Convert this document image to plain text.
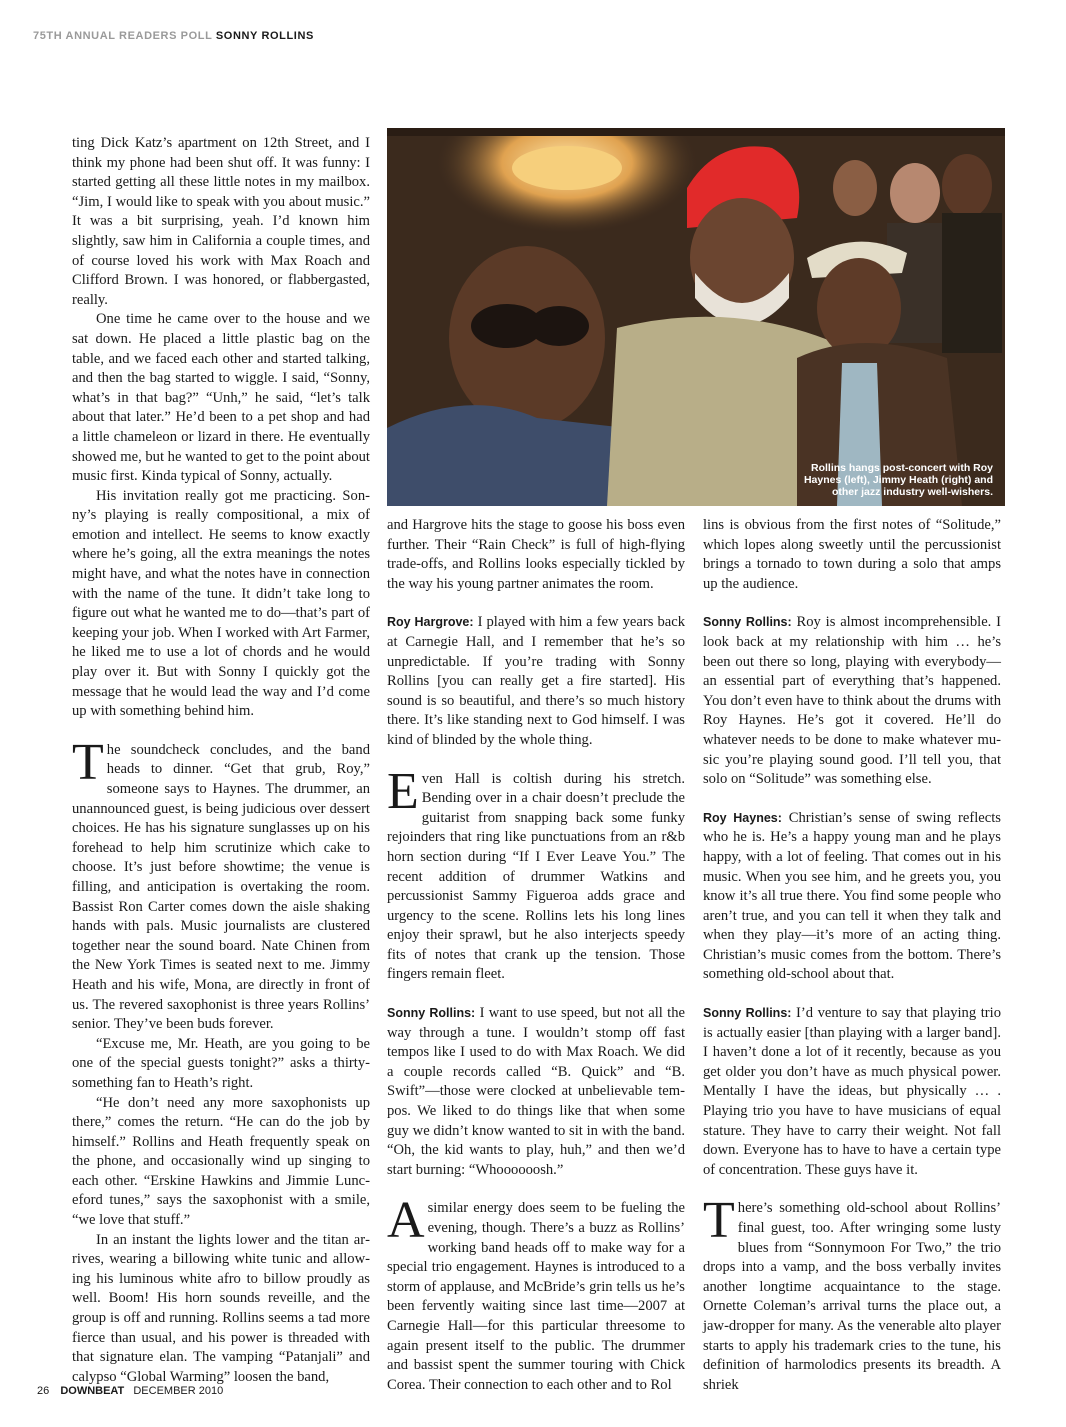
75TH ANNUAL READERS POLL SONNY ROLLINS

ting Dick Katz’s apartment on 12th Street, and I think my phone had been shut off. It was funny: I started getting all these little notes in my mailbox. “Jim, I would like to speak with you about music.” It was a bit surprising, yeah. I’d known him slightly, saw him in California a couple times, and of course loved his work with Max Roach and Clifford Brown. I was honored, or flabbergasted, really.

One time he came over to the house and we sat down. He placed a little plastic bag on the table, and we faced each other and started talking, and then the bag started to wiggle. I said, “Sonny, what’s in that bag?” “Unh,” he said, “let’s talk about that later.” He’d been to a pet shop and had a little chameleon or lizard in there. He eventually showed me, but he wanted to get to the point about music first. Kinda typical of Sonny, actually.

His invitation really got me practicing. Sonny’s playing is really compositional, a mix of emotion and intellect. He seems to know exactly where he’s going, all the extra meanings the notes might have, and what the notes have in connection with the name of the tune. It didn’t take long to figure out what he wanted me to do—that’s part of keeping your job. When I worked with Art Farmer, he liked me to use a lot of chords and he would play over it. But with Sonny I quickly got the message that he would lead the way and I’d come up with something behind him.

The soundcheck concludes, and the band heads to dinner. “Get that grub, Roy,” someone says to Haynes. The drummer, an unannounced guest, is being judicious over dessert choices. He has his signature sunglasses up on his forehead to help him scrutinize which cake to choose. It’s just before showtime; the venue is filling, and anticipation is overtaking the room. Bassist Ron Carter comes down the aisle shaking hands with pals. Music journalists are clustered together near the sound board. Nate Chinen from the New York Times is seated next to me. Jimmy Heath and his wife, Mona, are directly in front of us. The revered saxophonist is three years Rollins’ senior. They’ve been buds forever.

“Excuse me, Mr. Heath, are you going to be one of the special guests tonight?” asks a thirtysomething fan to Heath’s right.

“He don’t need any more saxophonists up there,” comes the return. “He can do the job by himself.” Rollins and Heath frequently speak on the phone, and occasionally wind up singing to each other. “Erskine Hawkins and Jimmie Lunceford tunes,” says the saxophonist with a smile, “we love that stuff.”

In an instant the lights lower and the titan arrives, wearing a billowing white tunic and allowing his luminous white afro to billow proudly as well. Boom! His horn sounds reveille, and the group is off and running. Rollins seems a tad more fierce than usual, and his power is threaded with that signature elan. The vamping “Patanjali” and calypso “Global Warming” loosen the band,

Rollins hangs post-concert with Roy Haynes (left), Jimmy Heath (right) and other jazz industry well-wishers.

and Hargrove hits the stage to goose his boss even further. Their “Rain Check” is full of high-flying trade-offs, and Rollins looks especially tickled by the way his young partner animates the room.

Roy Hargrove: I played with him a few years back at Carnegie Hall, and I remember that he’s so unpredictable. If you’re trading with Sonny Rollins [you can really get a fire started]. His sound is so beautiful, and there’s so much history there. It’s like standing next to God himself. I was kind of blinded by the whole thing.

Even Hall is coltish during his stretch. Bending over in a chair doesn’t preclude the guitarist from snapping back some funky rejoinders that ring like punctuations from an r&b horn section during “If I Ever Leave You.” The recent addition of drummer Watkins and percussionist Sammy Figueroa adds grace and urgency to the scene. Rollins lets his long lines enjoy their sprawl, but he also interjects speedy fits of notes that crank up the tension. Those fingers remain fleet.

Sonny Rollins: I want to use speed, but not all the way through a tune. I wouldn’t stomp off fast tempos like I used to do with Max Roach. We did a couple records called “B. Quick” and “B. Swift”—those were clocked at unbelievable tempos. We liked to do things like that when some guy we didn’t know wanted to sit in with the band. “Oh, the kid wants to play, huh,” and then we’d start burning: “Whoooooosh.”

Asimilar energy does seem to be fueling the evening, though. There’s a buzz as Rollins’ working band heads off to make way for a special trio engagement. Haynes is introduced to a storm of applause, and McBride’s grin tells us he’s been fervently waiting since last time—2007 at Carnegie Hall—for this particular threesome to again present itself to the public. The drummer and bassist spent the summer touring with Chick Corea. Their connection to each other and to Rol

lins is obvious from the first notes of “Solitude,” which lopes along sweetly until the percussionist brings a tornado to town during a solo that amps up the audience.

Sonny Rollins: Roy is almost incomprehensible. I look back at my relationship with him … he’s been out there so long, playing with everybody—an essential part of everything that’s happened. You don’t even have to think about the drums with Roy Haynes. He’s got it covered. He’ll do whatever needs to be done to make whatever music you’re playing sound good. I’ll tell you, that solo on “Solitude” was something else.

Roy Haynes: Christian’s sense of swing reflects who he is. He’s a happy young man and he plays happy, with a lot of feeling. That comes out in his music. When you see him, and he greets you, you know it’s all true there. You find some people who aren’t true, and you can tell it when they talk and when they play—it’s more of an acting thing. Christian’s music comes from the bottom. There’s something old-school about that.

Sonny Rollins: I’d venture to say that playing trio is actually easier [than playing with a larger band]. I haven’t done a lot of it recently, because as you get older you don’t have as much physical power. Mentally I have the ideas, but physically … . Playing trio you have to have musicians of equal stature. They have to carry their weight. Not fall down. Everyone has to have to have a certain type of concentration. These guys have it.

There’s something old-school about Rollins’ final guest, too. After wringing some lusty blues from “Sonnymoon For Two,” the trio drops into a vamp, and the boss verbally invites another longtime acquaintance to the stage. Ornette Coleman’s arrival turns the place out, a jaw-dropper for many. As the venerable alto player starts to apply his trademark cries to the tune, his definition of harmolodics presents its breadth. A shriek

26 DOWNBEAT DECEMBER 2010
